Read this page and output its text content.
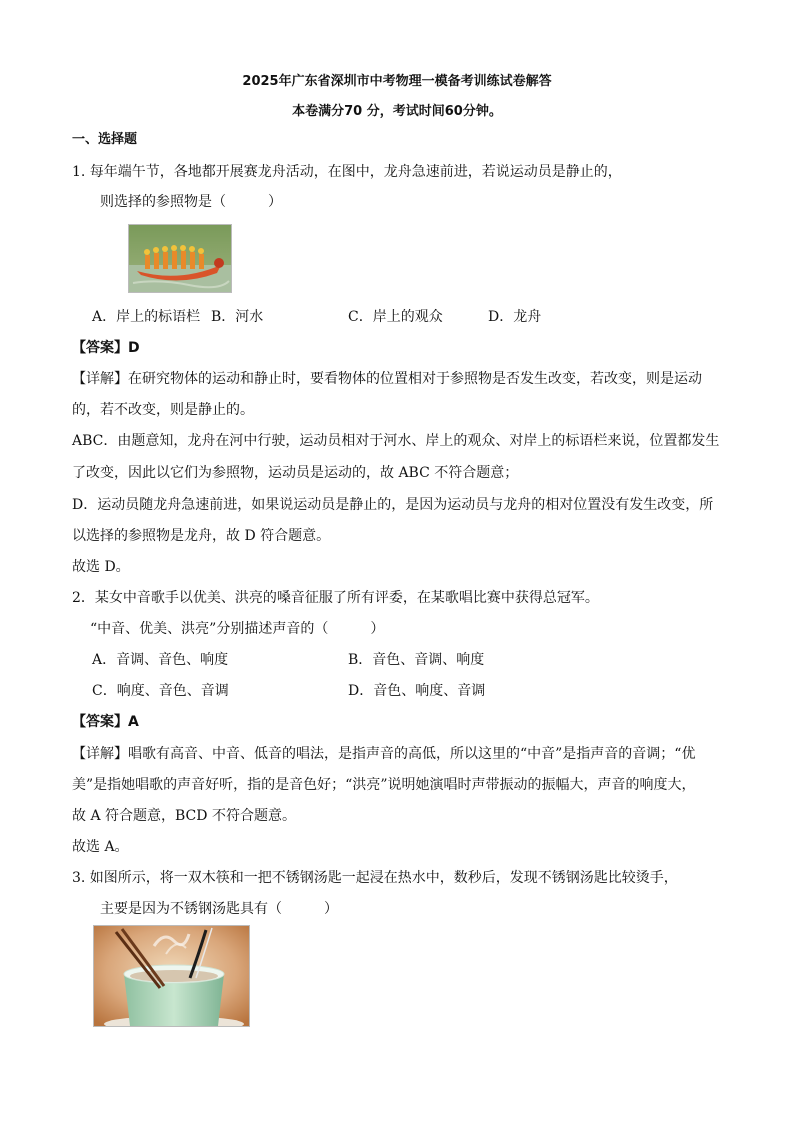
2025年广东省深圳市中考物理一模备考训练试卷解答
本卷满分70 分，考试时间60分钟。
一、选择题
1. 每年端午节，各地都开展赛龙舟活动，在图中，龙舟急速前进，若说运动员是静止的，
则选择的参照物是（　　　）
A．岸上的标语栏 B．河水	C．岸上的观众	D．龙舟
【答案】D
【详解】在研究物体的运动和静止时，要看物体的位置相对于参照物是否发生改变，若改变，则是运动
的，若不改变，则是静止的。
ABC．由题意知，龙舟在河中行驶，运动员相对于河水、岸上的观众、对岸上的标语栏来说，位置都发生
了改变，因此以它们为参照物，运动员是运动的，故 ABC 不符合题意；
D．运动员随龙舟急速前进，如果说运动员是静止的，是因为运动员与龙舟的相对位置没有发生改变，所
以选择的参照物是龙舟，故 D 符合题意。
故选 D。
2．某女中音歌手以优美、洪亮的嗓音征服了所有评委，在某歌唱比赛中获得总冠军。
“中音、优美、洪亮”分别描述声音的（　　　）
A．音调、音色、响度	B．音色、音调、响度
C．响度、音色、音调	D．音色、响度、音调
【答案】A
【详解】唱歌有高音、中音、低音的唱法，是指声音的高低，所以这里的“中音”是指声音的音调；“优
美”是指她唱歌的声音好听，指的是音色好；“洪亮”说明她演唱时声带振动的振幅大，声音的响度大，
故 A 符合题意，BCD 不符合题意。
故选 A。
3. 如图所示，将一双木筷和一把不锈钢汤匙一起浸在热水中，数秒后，发现不锈钢汤匙比较烫手，
主要是因为不锈钢汤匙具有（　　　）
